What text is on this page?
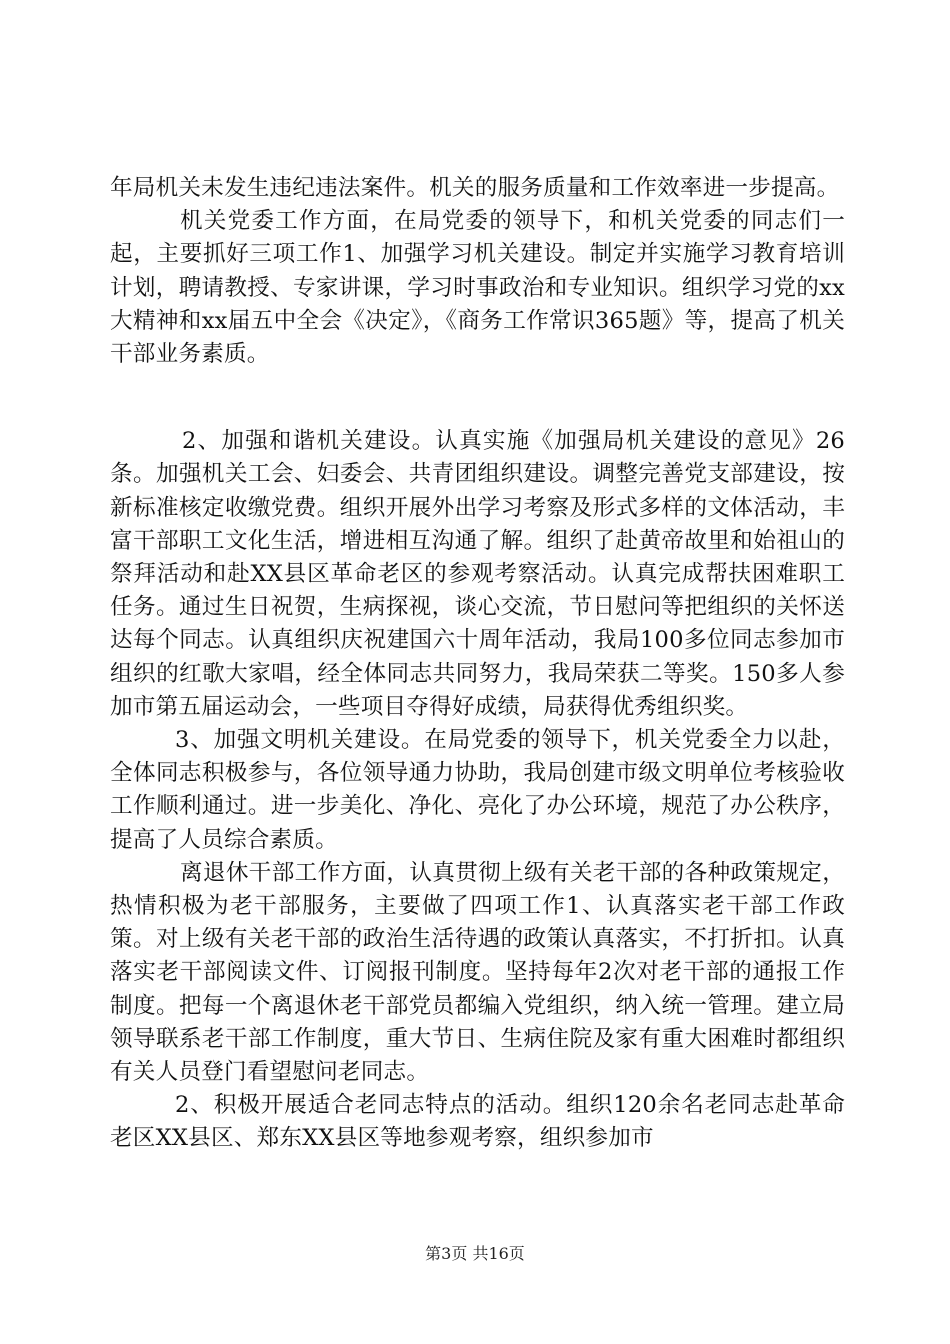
年局机关未发生违纪违法案件。机关的服务质量和工作效率进一步提高。

机关党委工作方面，在局党委的领导下，和机关党委的同志们一起，主要抓好三项工作1、加强学习机关建设。制定并实施学习教育培训计划，聘请教授、专家讲课，学习时事政治和专业知识。组织学习党的xx大精神和xx届五中全会《决定》，《商务工作常识365题》等，提高了机关干部业务素质。

2、加强和谐机关建设。认真实施《加强局机关建设的意见》26条。加强机关工会、妇委会、共青团组织建设。调整完善党支部建设，按新标准核定收缴党费。组织开展外出学习考察及形式多样的文体活动，丰富干部职工文化生活，增进相互沟通了解。组织了赴黄帝故里和始祖山的祭拜活动和赴XX县区革命老区的参观考察活动。认真完成帮扶困难职工任务。通过生日祝贺，生病探视，谈心交流，节日慰问等把组织的关怀送达每个同志。认真组织庆祝建国六十周年活动，我局100多位同志参加市组织的红歌大家唱，经全体同志共同努力，我局荣获二等奖。150多人参加市第五届运动会，一些项目夺得好成绩，局获得优秀组织奖。

3、加强文明机关建设。在局党委的领导下，机关党委全力以赴，全体同志积极参与，各位领导通力协助，我局创建市级文明单位考核验收工作顺利通过。进一步美化、净化、亮化了办公环境，规范了办公秩序，提高了人员综合素质。

离退休干部工作方面，认真贯彻上级有关老干部的各种政策规定，热情积极为老干部服务，主要做了四项工作1、认真落实老干部工作政策。对上级有关老干部的政治生活待遇的政策认真落实，不打折扣。认真落实老干部阅读文件、订阅报刊制度。坚持每年2次对老干部的通报工作制度。把每一个离退休老干部党员都编入党组织，纳入统一管理。建立局领导联系老干部工作制度，重大节日、生病住院及家有重大困难时都组织有关人员登门看望慰问老同志。

2、积极开展适合老同志特点的活动。组织120余名老同志赴革命老区XX县区、郑东XX县区等地参观考察，组织参加市

第3页 共16页
